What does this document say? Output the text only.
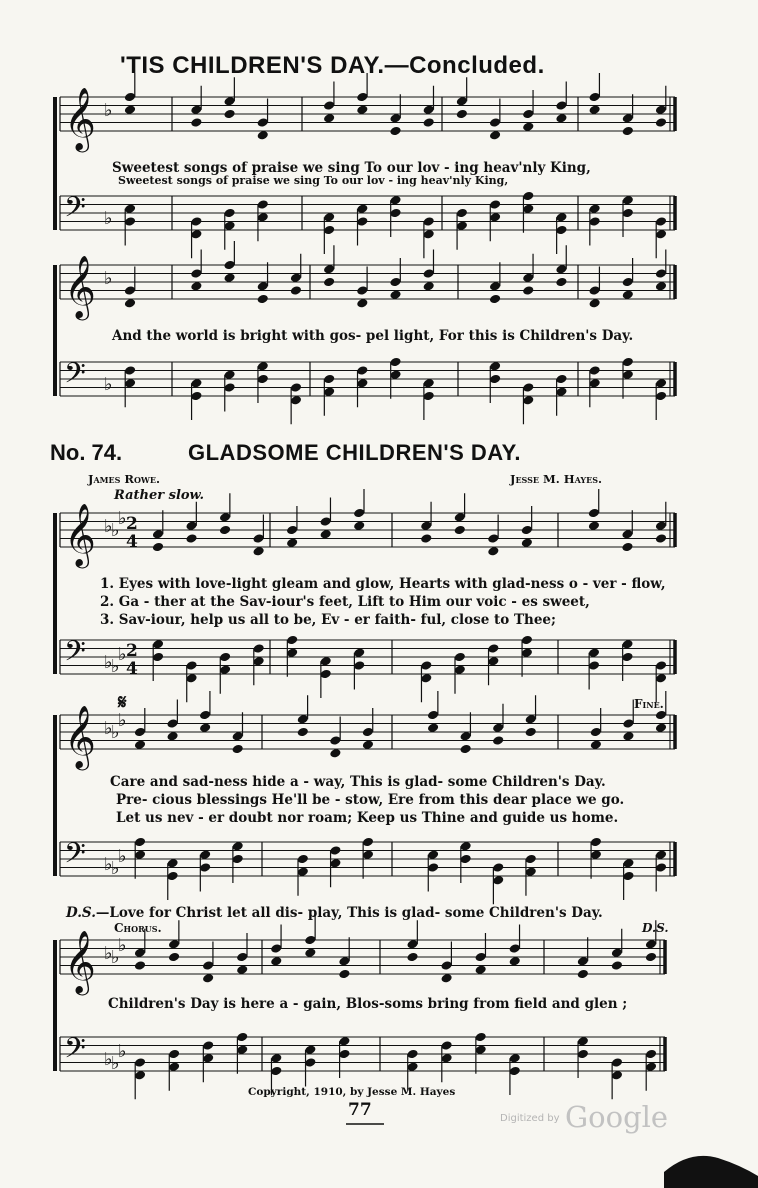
𝄞 ♭
𝄢 ♭
𝄞 ♭
𝄢 ♭
𝄞 ♭
♭
♭ 2
4
𝄢 ♭
♭
♭ 2
4
𝄞 ♭
♭
♭
𝄢 ♭
♭
♭
𝄞 ♭
♭
♭
𝄢 ♭
♭
♭
'TIS CHILDREN'S DAY.—Concluded.
Sweetest songs of praise we sing To our lov - ing heav'nly King,
Sweetest songs of praise we sing To our lov - ing heav'nly King,
And the world is bright with gos- pel light, For this is Children's Day.
No. 74.	GLADSOME CHILDREN'S DAY.
James Rowe.	Jesse M. Hayes.
Rather slow.
1. Eyes with love-light gleam and glow, Hearts with glad-ness o - ver - flow,
2. Ga - ther at the Sav-iour's feet, Lift to Him our voic - es sweet,
3. Sav-iour, help us all to be, Ev - er faith- ful, close to Thee;
𝄋	Fine.
Care and sad-ness hide a - way, This is glad- some Children's Day.
Pre- cious blessings He'll be - stow, Ere from this dear place we go.
Let us nev - er doubt nor roam; Keep us Thine and guide us home.
D.S.—Love for Christ let all dis- play, This is glad- some Children's Day.
Chorus.	D.S.
Children's Day is here a - gain, Blos-soms bring from field and glen ;
Copyright, 1910, by Jesse M. Hayes
77	Digitized by Google
